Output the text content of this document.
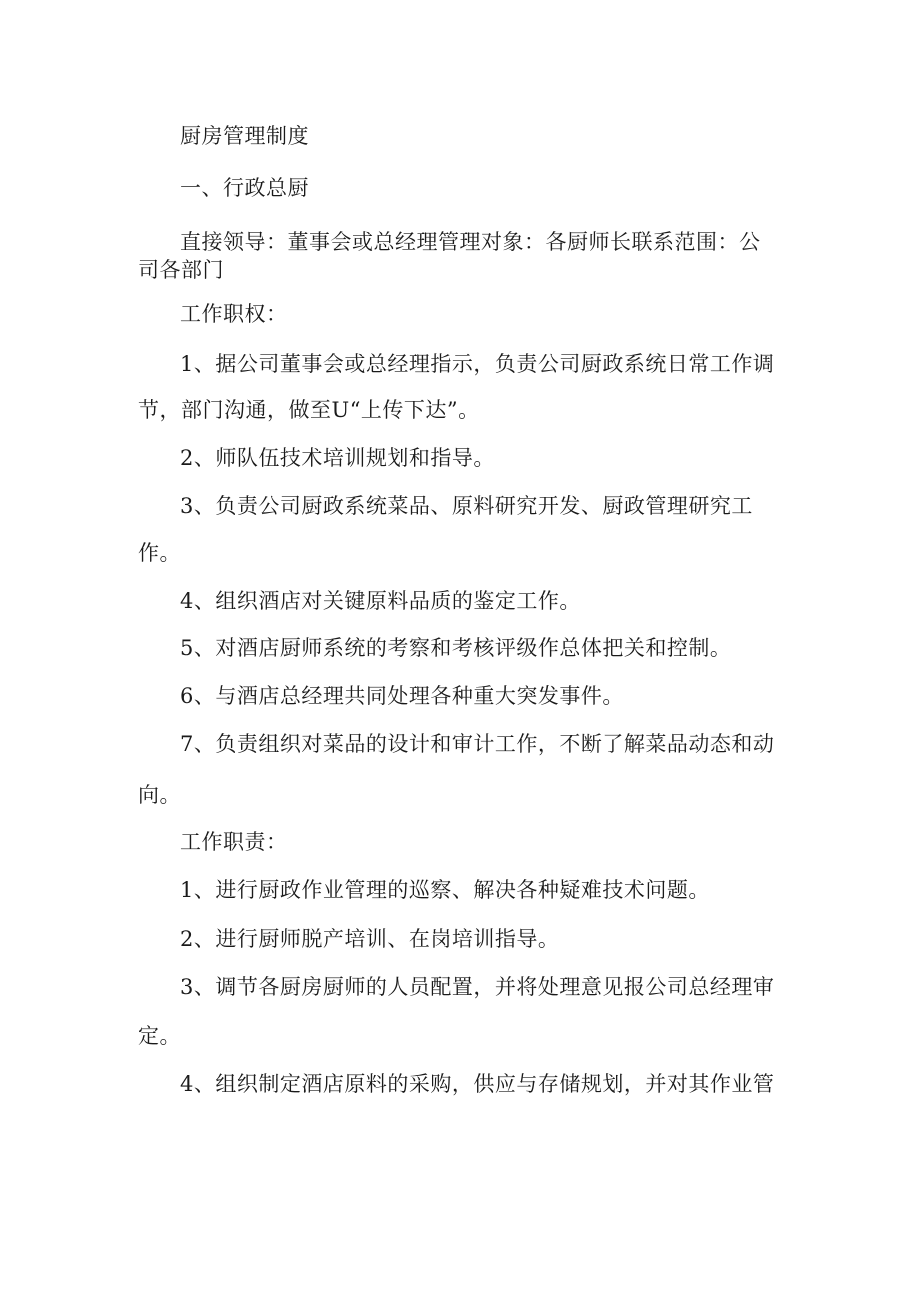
厨房管理制度
一、行政总厨
直接领导：董事会或总经理管理对象：各厨师长联系范围：公
司各部门
工作职权：
1、据公司董事会或总经理指示，负责公司厨政系统日常工作调
节，部门沟通，做至U“上传下达”。
2、师队伍技术培训规划和指导。
3、负责公司厨政系统菜品、原料研究开发、厨政管理研究工
作。
4、组织酒店对关键原料品质的鉴定工作。
5、对酒店厨师系统的考察和考核评级作总体把关和控制。
6、与酒店总经理共同处理各种重大突发事件。
7、负责组织对菜品的设计和审计工作，不断了解菜品动态和动
向。
工作职责：
1、进行厨政作业管理的巡察、解决各种疑难技术问题。
2、进行厨师脱产培训、在岗培训指导。
3、调节各厨房厨师的人员配置，并将处理意见报公司总经理审
定。
4、组织制定酒店原料的采购，供应与存储规划，并对其作业管
